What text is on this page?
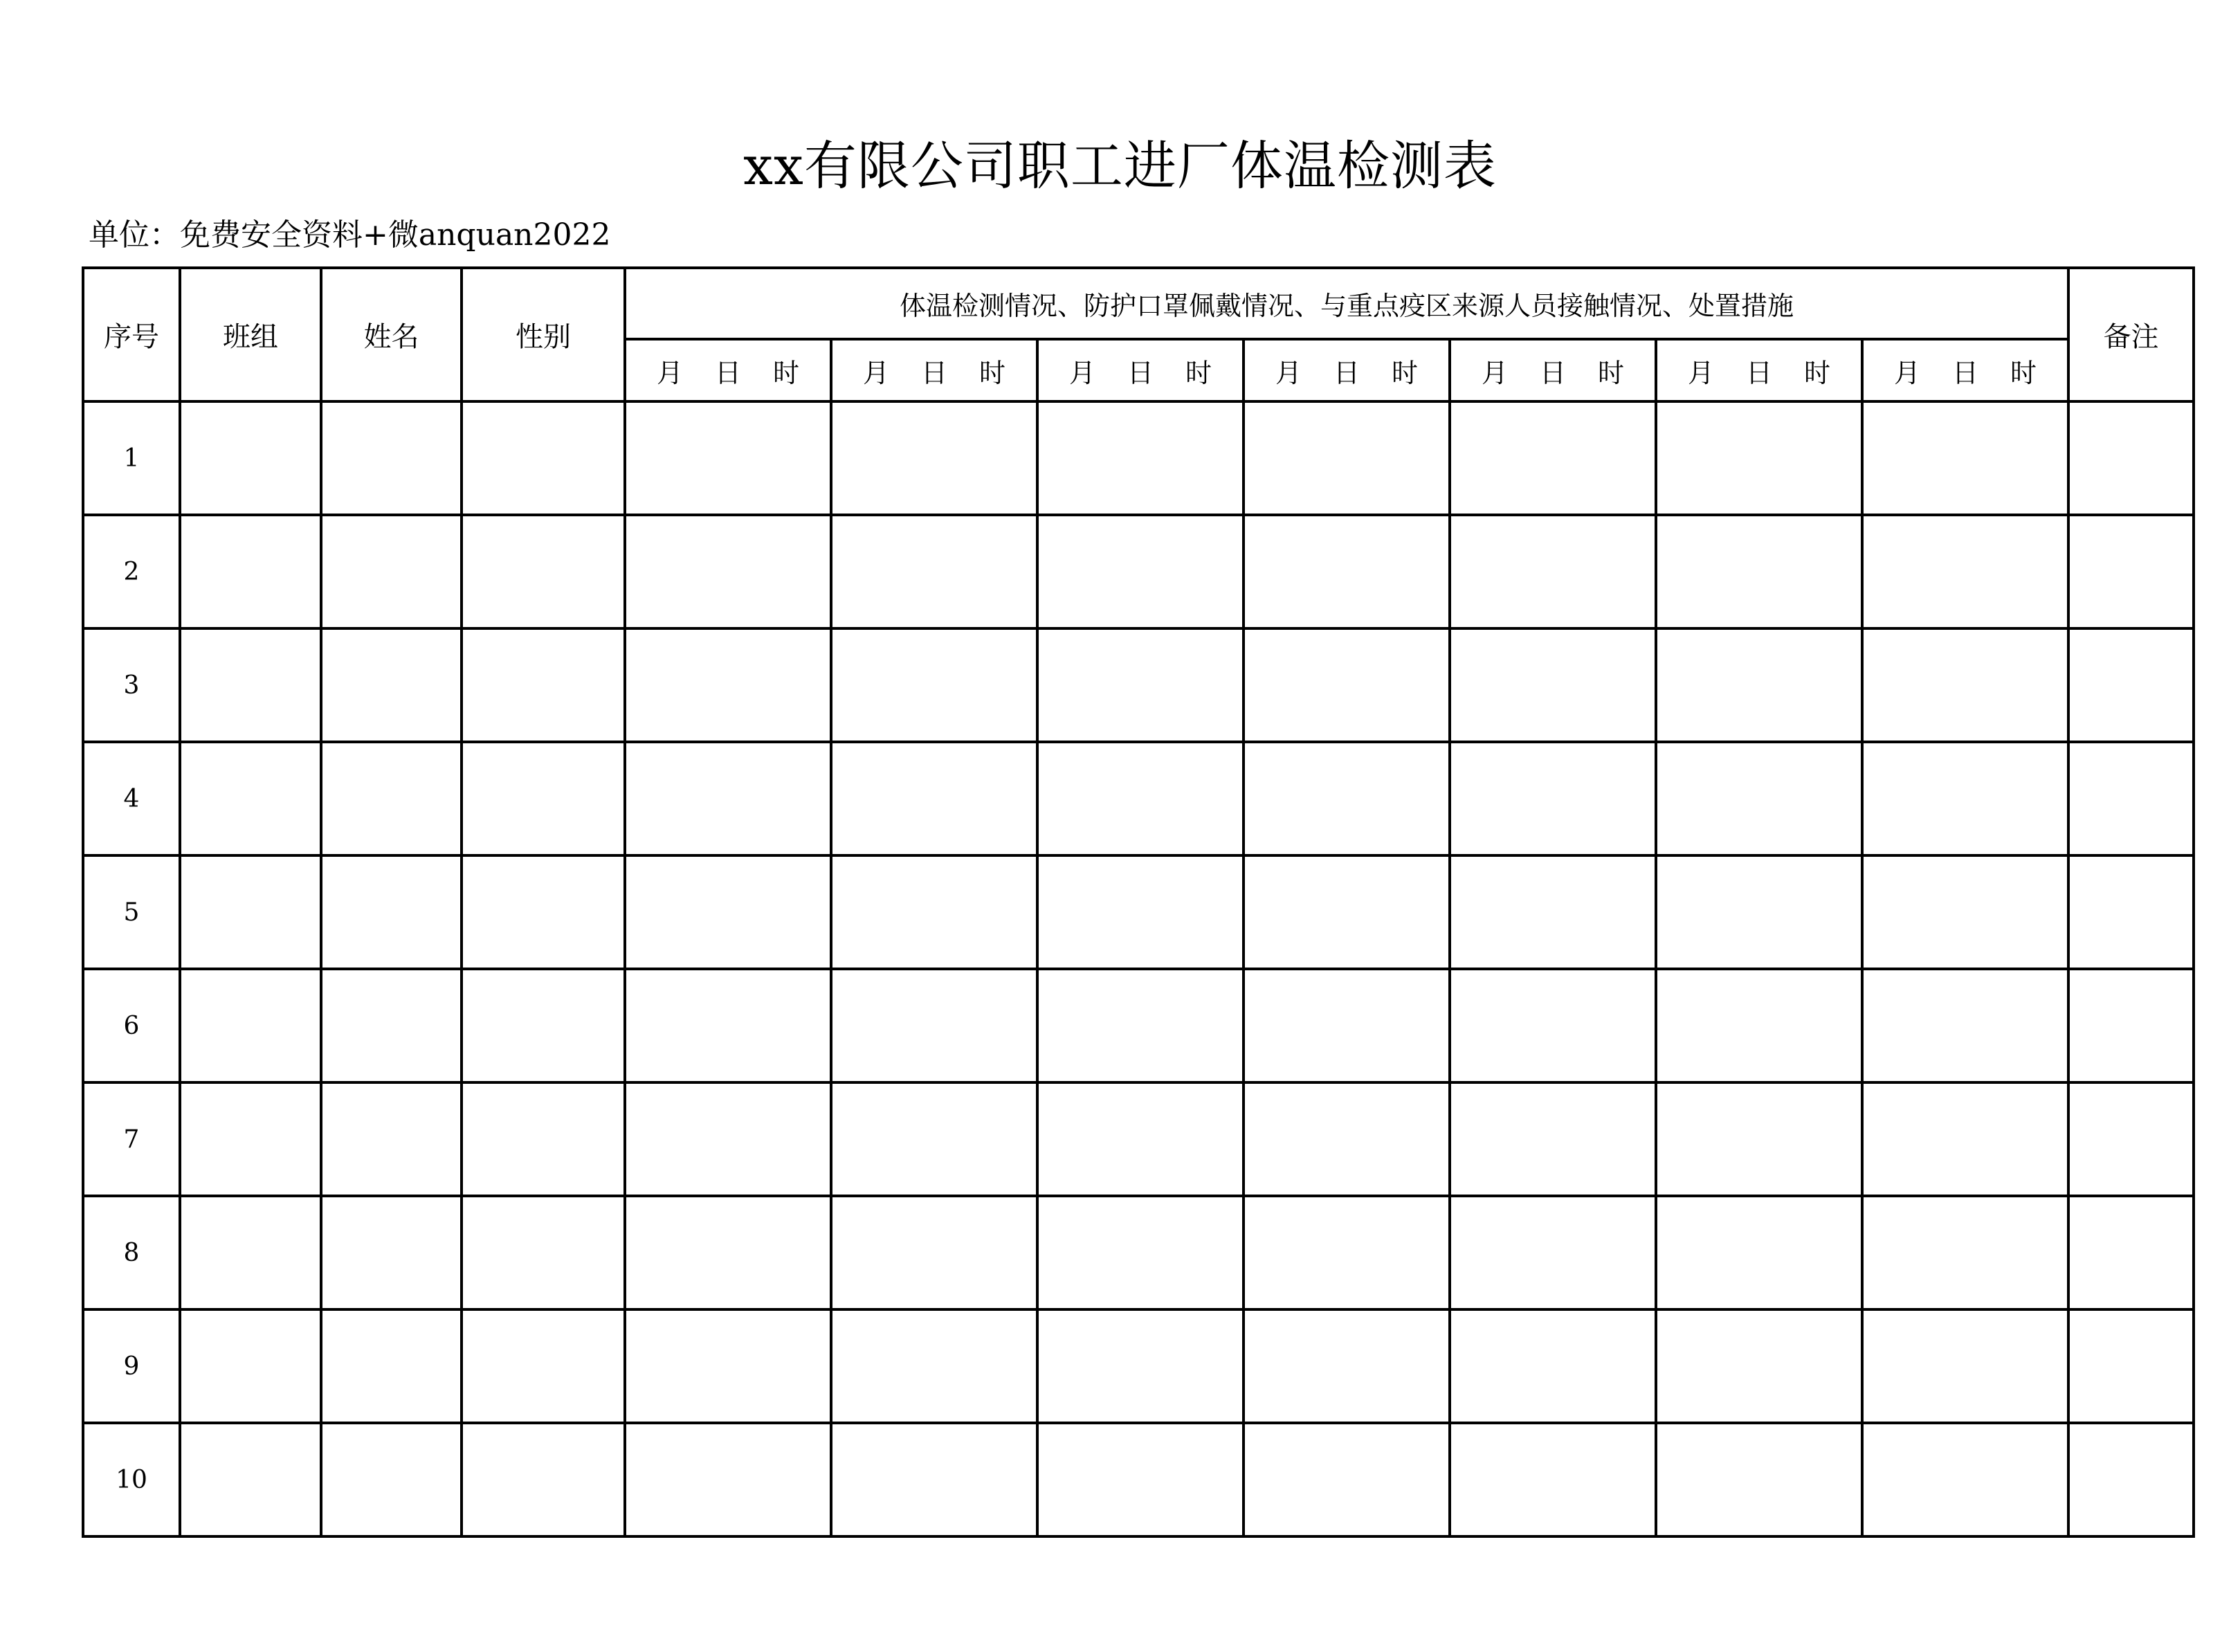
xx有限公司职工进厂体温检测表
单位：免费安全资料+微anquan2022
序号	班组	姓名	性别	体温检测情况、防护口罩佩戴情况、与重点疫区来源人员接触情况、处置措施							备注
				月 日 时	月 日 时	月 日 时	月 日 时	月 日 时	月 日 时	月 日 时	
1											
2											
3											
4											
5											
6											
7											
8											
9											
10											
